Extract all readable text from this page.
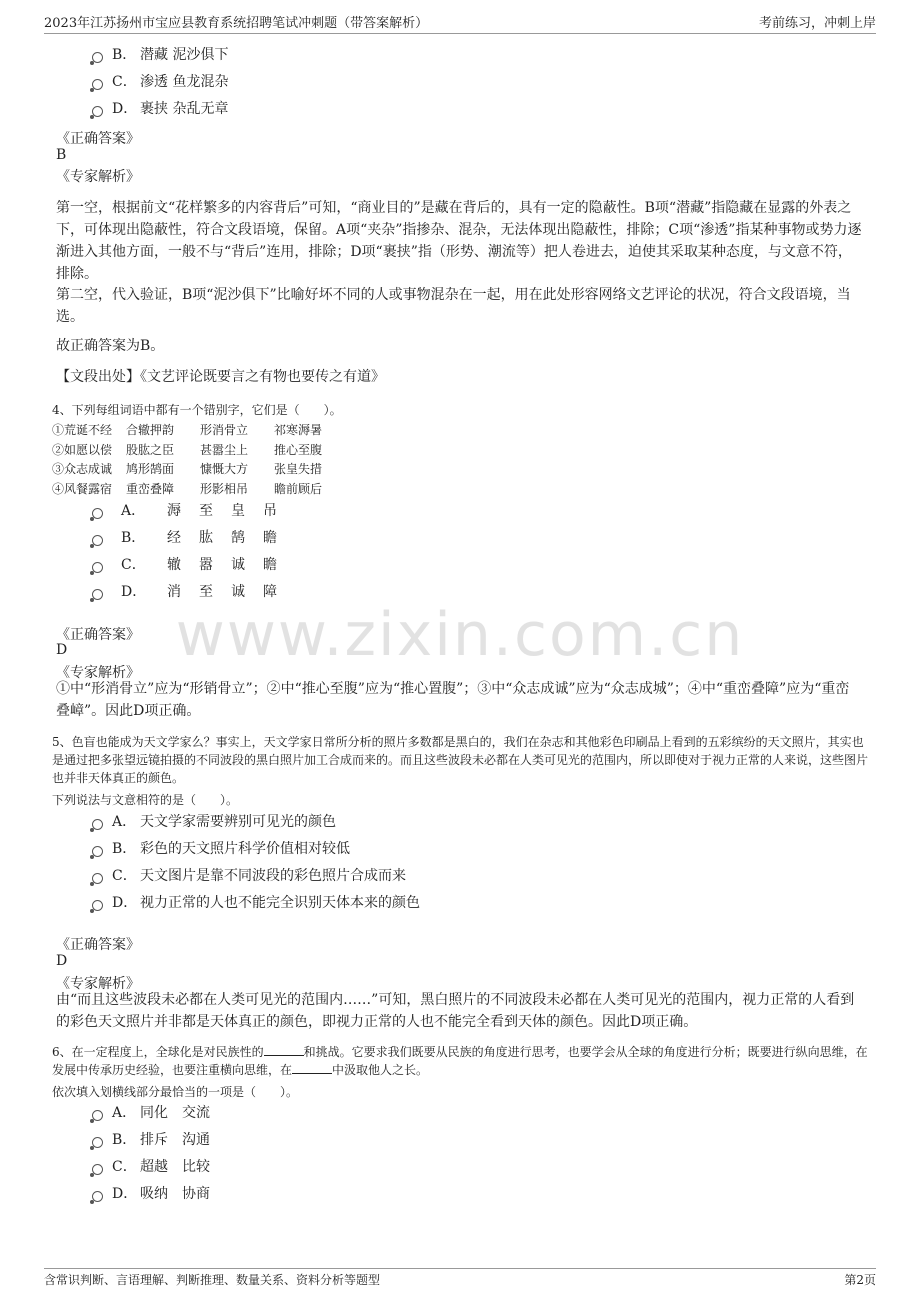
2023年江苏扬州市宝应县教育系统招聘笔试冲刺题（带答案解析）	考前练习，冲刺上岸
www.zixin.com.cn
B． 潜藏 泥沙俱下
C． 渗透 鱼龙混杂
D． 裹挟 杂乱无章
《正确答案》
B
《专家解析》
第一空，根据前文“花样繁多的内容背后”可知，“商业目的”是藏在背后的，具有一定的隐蔽性。B项“潜藏”指隐藏在显露的外表之下，可体现出隐蔽性，符合文段语境，保留。A项“夹杂”指掺杂、混杂，无法体现出隐蔽性，排除；C项“渗透”指某种事物或势力逐渐进入其他方面，一般不与“背后”连用，排除；D项“裹挟”指（形势、潮流等）把人卷进去，迫使其采取某种态度，与文意不符，排除。
第二空，代入验证，B项“泥沙俱下”比喻好坏不同的人或事物混杂在一起，用在此处形容网络文艺评论的状况，符合文段语境，当选。
故正确答案为B。
【文段出处】《文艺评论既要言之有物也要传之有道》
4、下列每组词语中都有一个错别字，它们是（　　）。
①荒诞不经	合辙押韵	形消骨立	祁寒溽暑
②如愿以偿	股肱之臣	甚嚣尘上	推心至腹
③众志成诚	鸠形鹄面	慷慨大方	张皇失措
④风餐露宿	重峦叠障	形影相吊	瞻前顾后
A． 溽 至 皇 吊
B． 经 肱 鹄 瞻
C． 辙 嚣 诚 瞻
D． 消 至 诚 障
《正确答案》
D
《专家解析》
①中“形消骨立”应为“形销骨立”；②中“推心至腹”应为“推心置腹”；③中“众志成诚”应为“众志成城”；④中“重峦叠障”应为“重峦叠嶂”。因此D项正确。
5、色盲也能成为天文学家么？事实上，天文学家日常所分析的照片多数都是黑白的，我们在杂志和其他彩色印刷品上看到的五彩缤纷的天文照片，其实也是通过把多张望远镜拍摄的不同波段的黑白照片加工合成而来的。而且这些波段未必都在人类可见光的范围内，所以即使对于视力正常的人来说，这些图片也并非天体真正的颜色。
下列说法与文意相符的是（　　）。
A． 天文学家需要辨别可见光的颜色
B． 彩色的天文照片科学价值相对较低
C． 天文图片是靠不同波段的彩色照片合成而来
D． 视力正常的人也不能完全识别天体本来的颜色
《正确答案》
D
《专家解析》
由“而且这些波段未必都在人类可见光的范围内……”可知，黑白照片的不同波段未必都在人类可见光的范围内，视力正常的人看到的彩色天文照片并非都是天体真正的颜色，即视力正常的人也不能完全看到天体的颜色。因此D项正确。
6、在一定程度上，全球化是对民族性的	和挑战。它要求我们既要从民族的角度进行思考，也要学会从全球的角度进行分析；既要进行纵向思维，在发展中传承历史经验，也要注重横向思维，在	中汲取他人之长。
依次填入划横线部分最恰当的一项是（　　）。
A． 同化　交流
B． 排斥　沟通
C． 超越　比较
D． 吸纳　协商
含常识判断、言语理解、判断推理、数量关系、资料分析等题型	第2页
